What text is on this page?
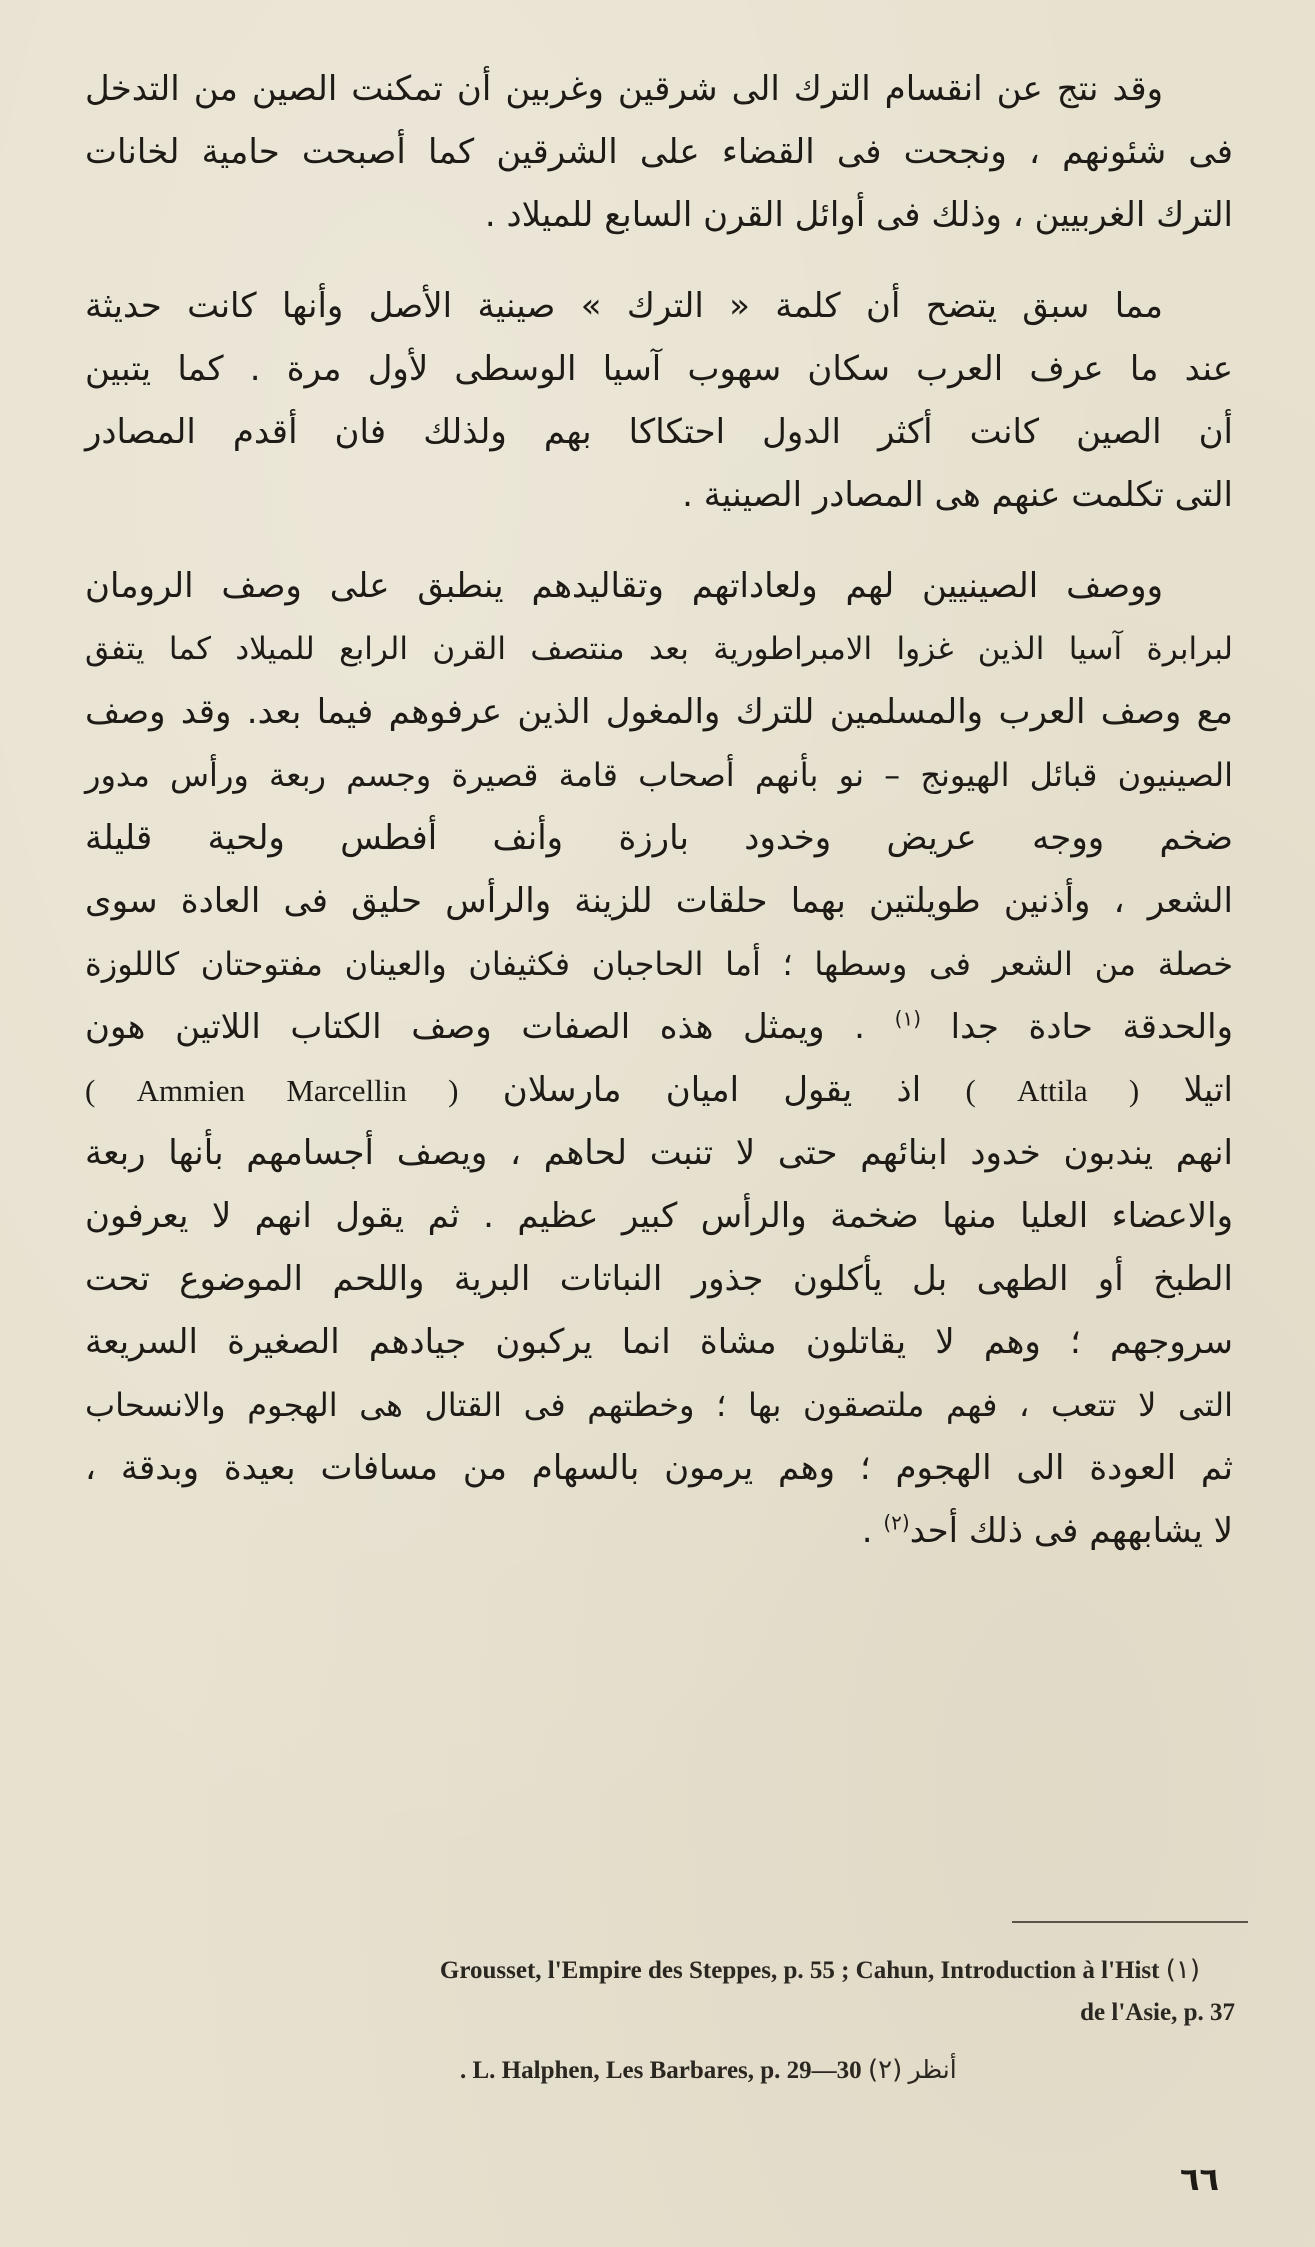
وقد نتج عن انقسام الترك الى شرقين وغربين أن تمكنت الصين من التدخل
فى شئونهم ، ونجحت فى القضاء على الشرقين كما أصبحت حامية لخانات
الترك الغربيين ، وذلك فى أوائل القرن السابع للميلاد .
مما سبق يتضح أن كلمة « الترك » صينية الأصل وأنها كانت حديثة
عند ما عرف العرب سكان سهوب آسيا الوسطى لأول مرة . كما يتبين
أن الصين كانت أكثر الدول احتكاكا بهم ولذلك فان أقدم المصادر
التى تكلمت عنهم هى المصادر الصينية .
ووصف الصينيين لهم ولعاداتهم وتقاليدهم ينطبق على وصف الرومان
لبرابرة آسيا الذين غزوا الامبراطورية بعد منتصف القرن الرابع للميلاد كما يتفق
مع وصف العرب والمسلمين للترك والمغول الذين عرفوهم فيما بعد. وقد وصف
الصينيون قبائل الهيونج – نو بأنهم أصحاب قامة قصيرة وجسم ربعة ورأس مدور
ضخم ووجه عريض وخدود بارزة وأنف أفطس ولحية قليلة
الشعر ، وأذنين طويلتين بهما حلقات للزينة والرأس حليق فى العادة سوى
خصلة من الشعر فى وسطها ؛ أما الحاجبان فكثيفان والعينان مفتوحتان كاللوزة
والحدقة حادة جدا $^{(١)}$ . ويمثل هذه الصفات وصف الكتاب اللاتين هون
اتيلا ( Attila ) اذ يقول اميان مارسلان ( Ammien Marcellin )
انهم يندبون خدود ابنائهم حتى لا تنبت لحاهم ، ويصف أجسامهم بأنها ربعة
والاعضاء العليا منها ضخمة والرأس كبير عظيم . ثم يقول انهم لا يعرفون
الطبخ أو الطهى بل يأكلون جذور النباتات البرية واللحم الموضوع تحت
سروجهم ؛ وهم لا يقاتلون مشاة انما يركبون جيادهم الصغيرة السريعة
التى لا تتعب ، فهم ملتصقون بها ؛ وخطتهم فى القتال هى الهجوم والانسحاب
ثم العودة الى الهجوم ؛ وهم يرمون بالسهام من مسافات بعيدة وبدقة ،
لا يشابههم فى ذلك أحد$^{(٢)}$ .
Grousset, l'Empire des Steppes, p. 55 ; Cahun, Introduction à l'Hist (١)
de l'Asie, p. 37
. L. Halphen, Les Barbares, p. 29—30 أنظر (٢)
٦٦
